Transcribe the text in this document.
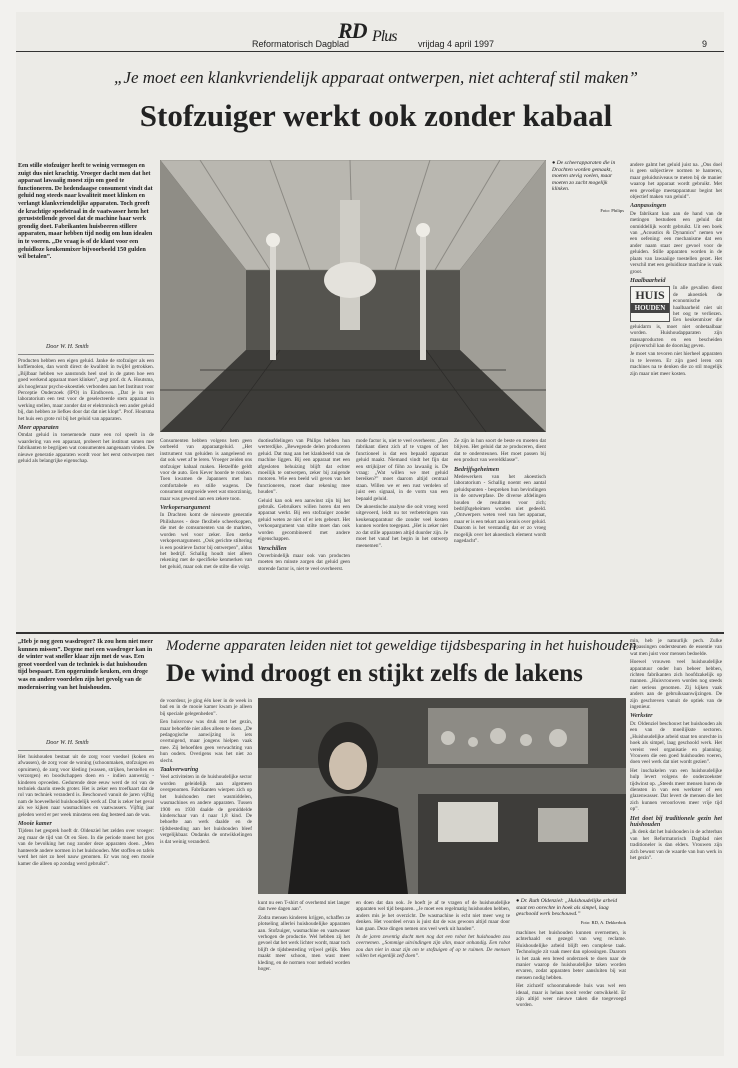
RD Plus
Reformatorisch Dagblad	vrijdag 4 april 1997	9
„Je moet een klankvriendelijk apparaat ontwerpen, niet achteraf stil maken”
Stofzuiger werkt ook zonder kabaal
Een stille stofzuiger heeft te weinig vermogen en zuigt dus niet krachtig. Vroeger dacht men dat het apparaat lawaaiig moest zijn om goed te functioneren. De hedendaagse consument vindt dat geluid nog steeds naar kwaliteit moet klinken en verlangt klankvriendelijke apparaten. Toch greeft de krachtige spoelstraal in de vaatwasser hem het geruststellende gevoel dat de machine haar werk grondig doet. Fabrikanten huisbeeren stillere apparaten, maar hebben tijd nodig om hun idealen in te voeren. „De vraag is of de klant voor een geluidloze keukenmixer bijvoorbeeld 150 gulden wil betalen”.
Door W. H. Smith

Producten hebben een eigen geluid. Janke de stofzuiger als een koffiemolen, dan wordt direct de kwaliteit in twijfel getrokken. „Bijlbaar hebben we aanstonds heel snel in de gaten hoe een goed werkend apparaat moet klinken”, zegt prof. dr. A. Houtsma, als hoogleraar psycho-akoestiek verbonden aan het Instituut voor Perceptie Onderzoek (IPO) in Eindhoven. „Dat je in een laboratorium een test voor de geselecteerde stem apparaat in werking stellen, maar zonder dat er elektronisch een ander geluid bij, dan hebben ze liefkes door dat dat niet klopt”. Prof. Houtsma het huis een grote rol bij het geluid van apparaten.

Meer apparaten

Omdat geluid in toenemende mate een rol speelt in de waardering van een apparaat, probeert het instituut samen met fabrikanten te begrijpen wat consumenten aangenaam vinden. De nieuwe generatie apparaten wordt voor het eerst ontworpen met geluid als belangrijke eigenschap.

● De scheerapparaten die in Drachten worden gemaakt, moeten stevig voelen, maar moeten zo zacht mogelijk klinken.
Foto: Philips

andere galmt het geluid juist na. „Ons doel is geen subjectieve normen te hanteren, maar geluidsniveaus te meten bij de manier waarop het apparaat wordt gebruikt. Met een gevoelige meetapparatuur begint het objectief maken van geluid”.

Aanpassingen

De fabrikant kan aan de hand van de metingen bestudeen een geluid dat onmiddellijk wordt gebruikt. Uit een boek van „Acoustics & Dynamics” nemen we een oefening: een mechanisme dat een ander naam staat zeer gevoel voor de geluiden. Stille apparaten worden in de plaats van lawaaiige toestellen gezet. Het verschil met een geluidloze machine is vaak groot.

Haalbaarheid
HUIS
HOUDEN

In alle gevallen dient de akoestiek de economische haalbaarheid niet uit het oog te verliezen. Een keukenmixer die geluidarm is, moet niet onbetaalbaar worden. Huishoudapparaten zijn massaproducten en een bescheiden prijsverschil kan de doorslag geven.

Je moet van tevoren niet hierheel apparaten in te leveren. Er zijn goed leren om machines na te denken die zo stil mogelijk zijn maar niet meer kosten.

Consumenten hebben volgens hem geen oorbeeld van apparaatgeluid. „Het instrument van geluiden is aangeleend en dat ook weet af te leren. Vroeger zeiden ons stofzuiger kabaal maken. Hetzelfde geldt voor de auto. Een Kever hoorde te ronken. Toen kwamen de Japanners met hun comfortabele en stille wagens. De consument ontgroeide weet wat stoorzinnig, maar was gewend aan een zekere toon.

Verkopersargument

In Drachten komt de nieuwste generatie Philishaves - deze flexibele scheerkoppen, die met de comsumenten van de markten, worden wel voor zeker. Een sterke verkopersargument. „Ook gerichte stiltering is een positieve factor bij ontwerpen”, aldus het bedrijf. Schallig houdt niet alleen rekening met de specifieke kenmerken van het geluid, maar ook met de stilte die volgt.

duotieafdelingen van Philips hebben hun werterdijke. „Bewegende delen produceren geluid. Dat mag aan het klankbeeld van de machine liggen. Bij een apparaat met een afgesloten behuizing blijft dat echter moeilijk te ontwerpen, zeker bij zuigende motoren. Wie een beeld wil geven van het functioneren, moet daar rekening mee houden”.

Geluid kan ook een aanwinst zijn bij het gebruik. Gebruikers willen horen dat een apparaat werkt. Bij een stofzuiger zonder geluid weten ze niet of er iets gebeurt. Het verkoopargument van stilte moet dan ook worden gecombineerd met andere eigenschappen.

Verschillen

Onverbindelijk maar ook van producten moeten ten minste zorgen dat geluid geen storende factor is, niet te veel overheerst.

mode factor is, niet te veel overheerst. „Een fabrikant dient zich af te vragen of het functioneel is dat een bepaald apparaat geluid maakt. Niemand vindt het fijn dat een strijkijzer of föhn zo lawaaiig is. De vraag: „Wat willen we met geluid bereiken?” moet daarom altijd centraal staan. Willen we er een rust verdelen of juist een signaal, in de vorm van een bepaald geluid.

De akoestische analyse die ooit vroeg werd uitgevoerd, leidt nu tot verbeteringen van keukenapparatuur die zonder veel kosten kunnen worden toegepast. „Het is zeker niet zo dat stille apparaten altijd duurder zijn. Je moet het vanaf het begin in het ontwerp meenemen”.

Ze zijn in hun soort de beste en moeten dat blijven. Het geluid dat ze produceren, dient dat te ondersteunen. Het moet passen bij een product van wereldklasse”.

Bedrijfsgeheimen

Medewerkers van het akoestisch laboratorium - Schallig noemt een aantal geluidspunten - bespreken hun bevindingen in de ontwerpfase. De diverse afdelingen houden de resultaten voor zich; bedrijfsgeheimen worden niet gedeeld. „Ontwerpers weten veel van het apparaat, maar er is een tekort aan kennis over geluid. Daarom is het verstandig dat er zo vroeg mogelijk over het akoestisch element wordt nagedacht”.

„Heb je nog geen wasdroger? Ik zou hem niet meer kunnen missen”. Degene met een wasdroger kan in de winter wat sneller klaar zijn met de was. Een groot voordeel van de techniek is dat huishouden tijd bespaart. Een opgeruimde keuken, een droge was en andere voordelen zijn het gevolg van de modernisering van het huishouden.
Door W. H. Smith
Moderne apparaten leiden niet tot geweldige tijdsbesparing in het huishouden
De wind droogt en stijkt zelfs de lakens

Het huishouden bestaat uit de zorg voor voedsel (koken en afwassen), de zorg voor de woning (schoonmaken, stofzuigen en opruimen), de zorg voor kleding (wassen, strijken, herstellen en verzorgen) en boodschappen doen en - indien aanwezig - kinderen opvoeden. Gedurende deze eeuw werd de rol van de techniek daarin steeds groter. Het is zeker een troefkaart dat de rol van techniek veranderd is. Beschouwd vanuit de jaren vijftig nam de hoeveelheid huishoudelijk werk af. Dat is zeker het geval als we kijken naar wasmachines en vaatwassers. Vijftig jaar geleden werd er per week minstens een dag besteed aan de was.

Mooie kamer

Tijdens het gesprek hoeft dr. Oldenziel het zelden over vroeger: zeg maar de tijd van Ot en Sien. In die periode moest het gros van de bevolking het nog zonder deze apparaten doen. „Men hanteerde andere normen in het huishouden. Met stoffen en tafels werd het niet zo heel nauw genomen. Er was nog een mooie kamer die alleen op zondag werd gebruikt”.

de voordeur, je ging één keer in de week in bad en in de mooie kamer kwam je alleen bij speciale gelegenheden”.

Een huisvrouw was druk met het gezin, maar behoefde niet alles alleen te doen. „De pedagogische aanwijzing is iets overtuigend, maar jongens hielpen vaak mee. Zij behoefden geen verwachting van hun ouders. Overigens was het niet zo slecht.

Taakverwaring

Veel activiteiten in de huishoudelijke sector worden geleidelijk aan algemeen overgenomen. Fabrikanten wierpen zich op het huishouden met wasmiddelen, wasmachines en andere apparaten. Tussen 1900 en 1930 daalde de gemiddelde kinderschaar van 4 naar 1,8 kind. De behoefte aan werk daalde en de tijdsbesteding aan het huishouden bleef vergelijkbaar. Ondanks de ontwikkelingen is dat weinig veranderd.

● Dr. Ruth Oldenziel: „Huishoudelijke arbeid staat ten onrechte in hoek als simpel, laag geschoold werk beschouwd.”
Foto: RD, A. Dekkerbok

kunt nu een T-shirt of overhemd niet langer dan twee dagen aan”.

Zodra mensen kinderen krijgen, schaffen ze plotseling allerlei huishoudelijke apparaten aan. Stofzuiger, wasmachine en vaatwasser verhogen de productie. Wel hebben zij het gevoel dat het werk lichter wordt, maar toch blijft de tijdsbesteding vrijwel gelijk. Men maakt meer schoon, men wast meer kleding, en de normen voor netheid worden hoger.

en doen dat dan ook. Je hoeft je af te vragen of de huishoudelijke apparaten wel tijd besparen. „Je moet een regelmatig huishouden hebben, anders mis je het overzicht. De wasmachine is echt niet meer weg te denken. Het voordeel ervan is juist dat de was gewoon altijd maar door kan gaan. Deze dingen nemen ons veel werk uit handen”.

In de jaren zeventig dacht men nog dat een robot het huishouden zou overnemen. „Sommige uitvindingen zijn slim, maar onhandig. Een robot zou dan niet in staat zijn om te stofzuigen of op te ruimen. De mensen willen het eigenlijk zelf doen”.

machines het huishouden kunnen overnemen, is achterhaald en gezegd van weg reclame. Huishoudelijke arbeid blijft een complexe taak. Technologie zit vaak meer dan oplossingen. Daarom is het zaak een breed onderzoek te doen naar de manier waarop de huishoudelijke taken worden ervaren, zodat apparaten beter aansluiten bij wat mensen nodig hebben.

Het zichzelf schoonmakende huis was wel een ideaal, maar is helaas nooit verder ontwikkeld. Er zijn altijd weer nieuwe taken die toegevoegd worden.

min, heb je natuurlijk pech. Zulke toepassingen ondersteunen de essentie van wat men juist voor mensen bedoelde.

Hoewel vrouwen veel huishoudelijke apparatuur onder hun beheer hebben, richten fabrikanten zich hoofdzakelijk op mannen. „Huisvrouwen worden nog steeds niet serieus genomen. Zij kijken vaak anders aan de gebruiksaanwijzingen. De zijn geschreven vanuit de optiek van de ingenieur.

Werkster

Dr. Oldenziel beschouwt het huishouden als een van de moeilijkste sectoren. „Huishoudelijke arbeid staat ten onrechte in hoek als simpel, laag geschoold werk. Het vereist veel organisatie en planning. Vrouwen die een goed huishouden voeren, doen veel werk dat niet wordt gezien”.

Het inschakelen van een huishoudelijke hulp levert volgens de onderzoekster tijdwinst op. „Steeds meer mensen huren de diensten in van een werkster of een glazenwasser. Dat levert de mensen die het zich kunnen veroorloven meer vrije tijd op”.

Het doet bij traditionele gezin het huishouden

„Ik denk dat het huishouden in de achterban van het Reformatorisch Dagblad niet traditioneler is dan elders. Vrouwen zijn zich bewust van de waarde van hun werk in het gezin”.
